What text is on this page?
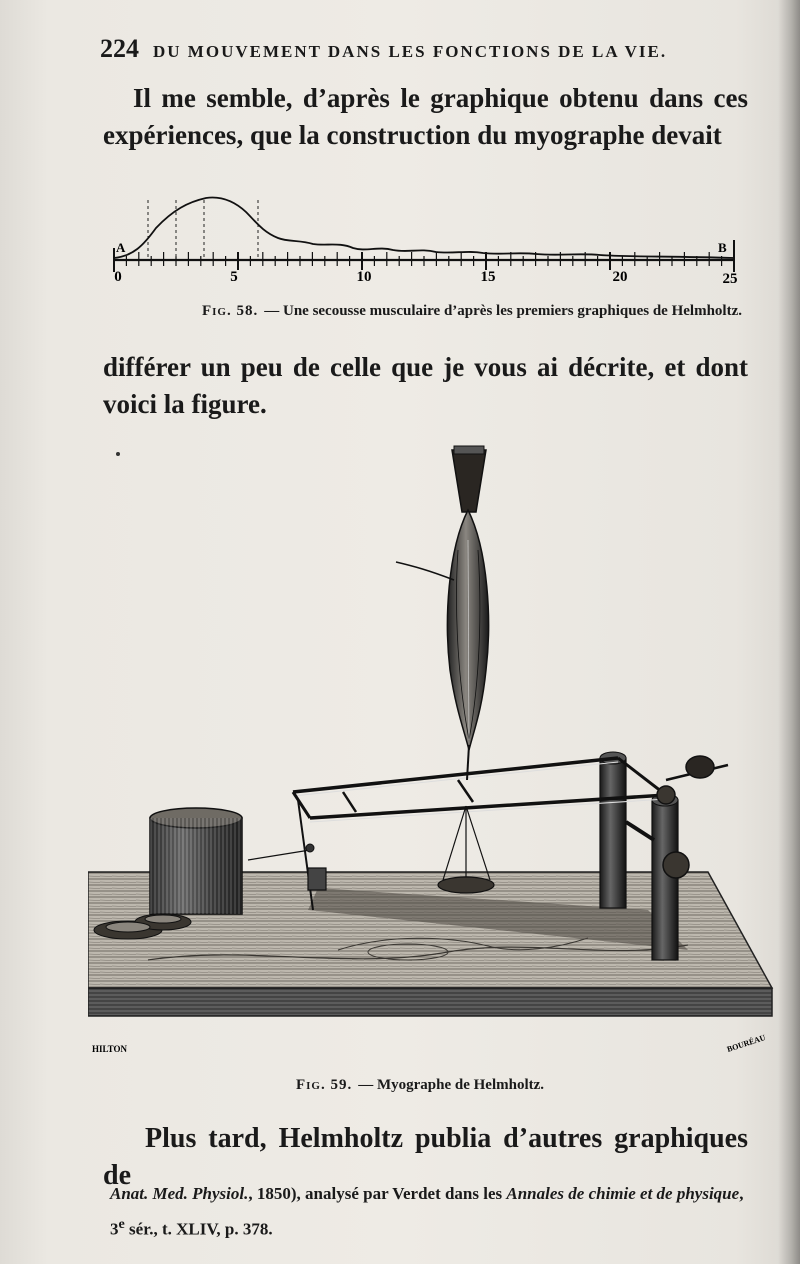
224 DU MOUVEMENT DANS LES FONCTIONS DE LA VIE.
Il me semble, d’après le graphique obtenu dans ces expériences, que la construction du myographe devait
A	B
0	5	10	15	20	25
Fig. 58. — Une secousse musculaire d’après les premiers graphiques de Helmholtz.
différer un peu de celle que je vous ai décrite, et dont voici la figure.
HILTON	BOURÉAU
Fig. 59. — Myographe de Helmholtz.
Plus tard, Helmholtz publia d’autres graphiques de
Anat. Med. Physiol., 1850), analysé par Verdet dans les Annales de chimie et de physique, 3e sér., t. XLIV, p. 378.
